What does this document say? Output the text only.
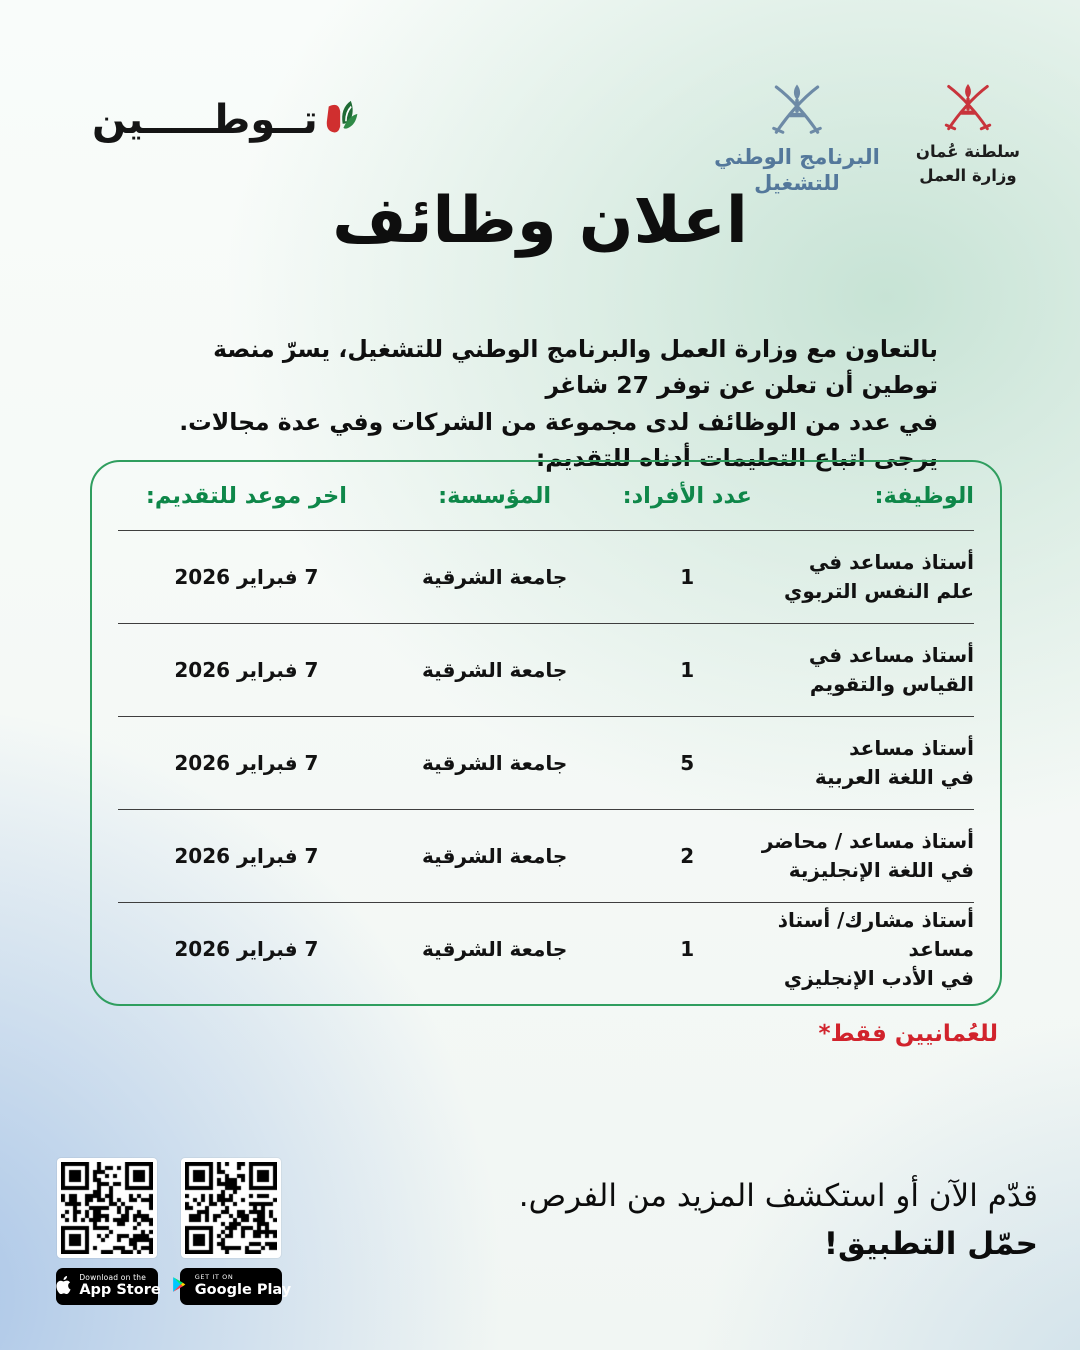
تــوطـــــين
البرنامج الوطني
للتشغيل
سلطنة عُمان
وزارة العمل
اعلان وظائف
بالتعاون مع وزارة العمل والبرنامج الوطني للتشغيل، يسرّ منصة توطين أن تعلن عن توفر 27 شاغر
في عدد من الوظائف لدى مجموعة من الشركات وفي عدة مجالات.
يرجى اتباع التعليمات أدناه للتقديم:
الوظيفة:
عدد الأفراد:
المؤسسة:
اخر موعد للتقديم:
أستاذ مساعد في
علم النفس التربوي
1
جامعة الشرقية
7 فبراير 2026
أستاذ مساعد في
القياس والتقويم
1
جامعة الشرقية
7 فبراير 2026
أستاذ مساعد
في اللغة العربية
5
جامعة الشرقية
7 فبراير 2026
أستاذ مساعد / محاضر
في اللغة الإنجليزية
2
جامعة الشرقية
7 فبراير 2026
أستاذ مشارك/ أستاذ مساعد
في الأدب الإنجليزي
1
جامعة الشرقية
7 فبراير 2026
للعُمانيين فقط*
Download on the
App Store
GET IT ON
Google Play
قدّم الآن أو استكشف المزيد من الفرص.
حمّل التطبيق!
